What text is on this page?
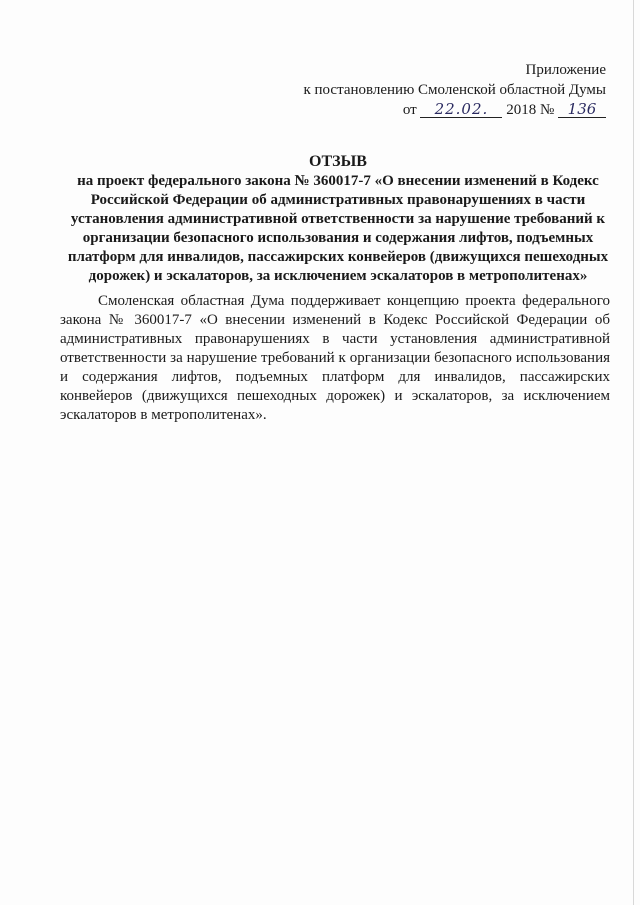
Приложение
к постановлению Смоленской областной Думы
от 22.02. 2018 № 136
ОТЗЫВ
на проект федерального закона № 360017-7 «О внесении изменений в Кодекс Российской Федерации об административных правонарушениях в части установления административной ответственности за нарушение требований к организации безопасного использования и содержания лифтов, подъемных платформ для инвалидов, пассажирских конвейеров (движущихся пешеходных дорожек) и эскалаторов, за исключением эскалаторов в метрополитенах»

Смоленская областная Дума поддерживает концепцию проекта федерального закона № 360017-7 «О внесении изменений в Кодекс Российской Федерации об административных правонарушениях в части установления административной ответственности за нарушение требований к организации безопасного использования и содержания лифтов, подъемных платформ для инвалидов, пассажирских конвейеров (движущихся пешеходных дорожек) и эскалаторов, за исключением эскалаторов в метрополитенах».
